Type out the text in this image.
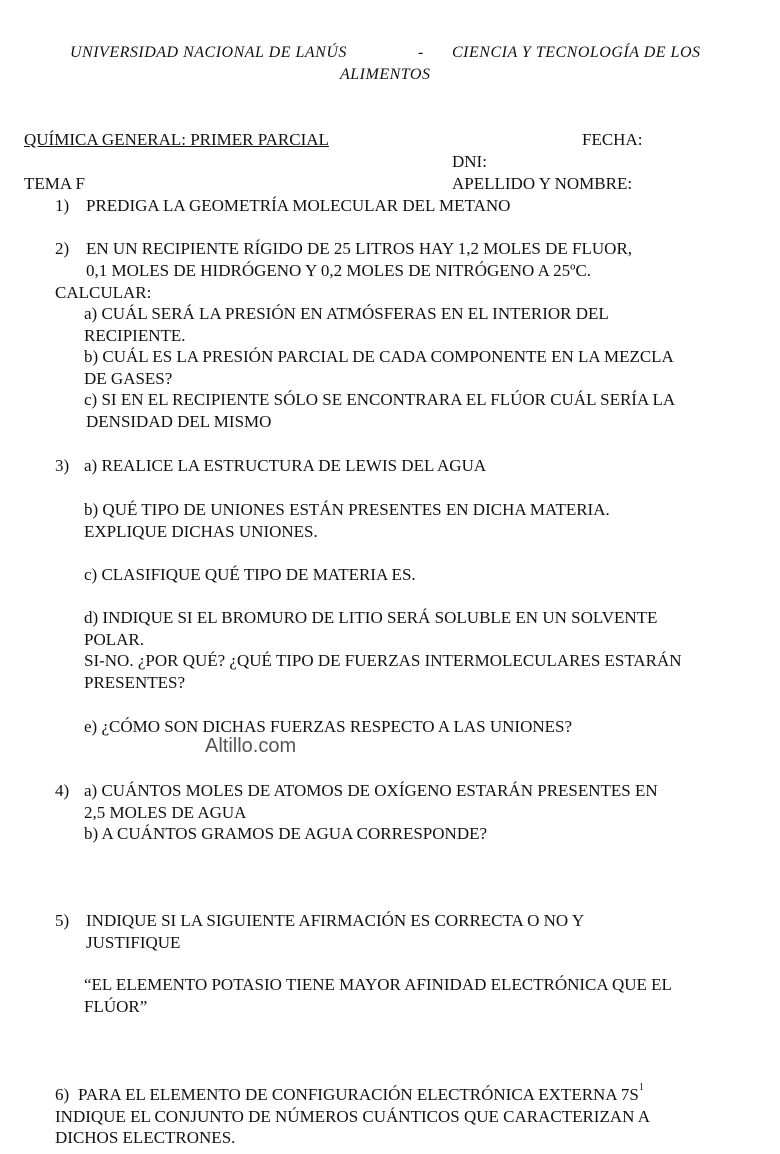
UNIVERSIDAD NACIONAL DE LANÚS	- CIENCIA Y TECNOLOGÍA DE LOS
ALIMENTOS
QUÍMICA GENERAL: PRIMER PARCIAL	FECHA:
DNI:
TEMA F	APELLIDO Y NOMBRE:
1) PREDIGA LA GEOMETRÍA MOLECULAR DEL METANO
2) EN UN RECIPIENTE RÍGIDO DE 25 LITROS HAY 1,2 MOLES DE FLUOR,
0,1 MOLES DE HIDRÓGENO Y 0,2 MOLES DE NITRÓGENO A 25ºC.
CALCULAR:
a) CUÁL SERÁ LA PRESIÓN EN ATMÓSFERAS EN EL INTERIOR DEL
RECIPIENTE.
b) CUÁL ES LA PRESIÓN PARCIAL DE CADA COMPONENTE EN LA MEZCLA
DE GASES?
c) SI EN EL RECIPIENTE SÓLO SE ENCONTRARA EL FLÚOR CUÁL SERÍA LA
DENSIDAD DEL MISMO
3) a) REALICE LA ESTRUCTURA DE LEWIS DEL AGUA
b) QUÉ TIPO DE UNIONES ESTÁN PRESENTES EN DICHA MATERIA.
EXPLIQUE DICHAS UNIONES.
c) CLASIFIQUE QUÉ TIPO DE MATERIA ES.
d) INDIQUE SI EL BROMURO DE LITIO SERÁ SOLUBLE EN UN SOLVENTE
POLAR.
SI-NO. ¿POR QUÉ? ¿QUÉ TIPO DE FUERZAS INTERMOLECULARES ESTARÁN
PRESENTES?
e) ¿CÓMO SON DICHAS FUERZAS RESPECTO A LAS UNIONES?
Altillo.com
4) a) CUÁNTOS MOLES DE ATOMOS DE OXÍGENO ESTARÁN PRESENTES EN
2,5 MOLES DE AGUA
b) A CUÁNTOS GRAMOS DE AGUA CORRESPONDE?
5) INDIQUE SI LA SIGUIENTE AFIRMACIÓN ES CORRECTA O NO Y
JUSTIFIQUE
“EL ELEMENTO POTASIO TIENE MAYOR AFINIDAD ELECTRÓNICA QUE EL
FLÚOR”
6) PARA EL ELEMENTO DE CONFIGURACIÓN ELECTRÓNICA EXTERNA $7S^1$
INDIQUE EL CONJUNTO DE NÚMEROS CUÁNTICOS QUE CARACTERIZAN A
DICHOS ELECTRONES.
